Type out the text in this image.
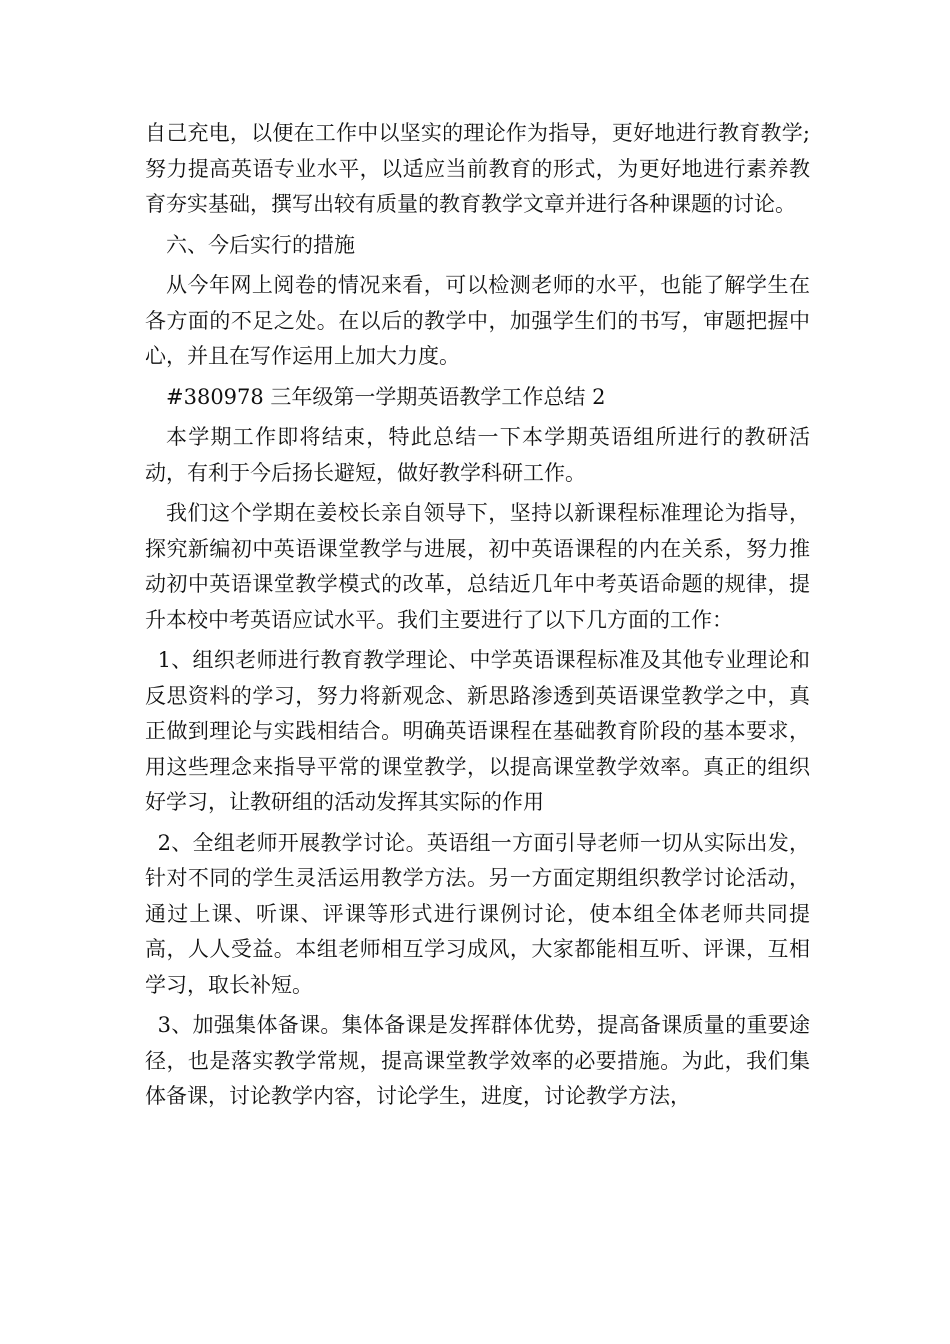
自己充电，以便在工作中以坚实的理论作为指导，更好地进行教育教学;努力提高英语专业水平，以适应当前教育的形式，为更好地进行素养教育夯实基础，撰写出较有质量的教育教学文章并进行各种课题的讨论。

六、今后实行的措施

从今年网上阅卷的情况来看，可以检测老师的水平，也能了解学生在各方面的不足之处。在以后的教学中，加强学生们的书写，审题把握中心，并且在写作运用上加大力度。

#380978 三年级第一学期英语教学工作总结 2

本学期工作即将结束，特此总结一下本学期英语组所进行的教研活动，有利于今后扬长避短，做好教学科研工作。

我们这个学期在姜校长亲自领导下，坚持以新课程标准理论为指导，探究新编初中英语课堂教学与进展，初中英语课程的内在关系，努力推动初中英语课堂教学模式的改革，总结近几年中考英语命题的规律，提升本校中考英语应试水平。我们主要进行了以下几方面的工作：

1、组织老师进行教育教学理论、中学英语课程标准及其他专业理论和反思资料的学习，努力将新观念、新思路渗透到英语课堂教学之中，真正做到理论与实践相结合。明确英语课程在基础教育阶段的基本要求，用这些理念来指导平常的课堂教学，以提高课堂教学效率。真正的组织好学习，让教研组的活动发挥其实际的作用

2、全组老师开展教学讨论。英语组一方面引导老师一切从实际出发，针对不同的学生灵活运用教学方法。另一方面定期组织教学讨论活动，通过上课、听课、评课等形式进行课例讨论，使本组全体老师共同提高，人人受益。本组老师相互学习成风，大家都能相互听、评课，互相学习，取长补短。

3、加强集体备课。集体备课是发挥群体优势，提高备课质量的重要途径，也是落实教学常规，提高课堂教学效率的必要措施。为此，我们集体备课，讨论教学内容，讨论学生，进度，讨论教学方法，
